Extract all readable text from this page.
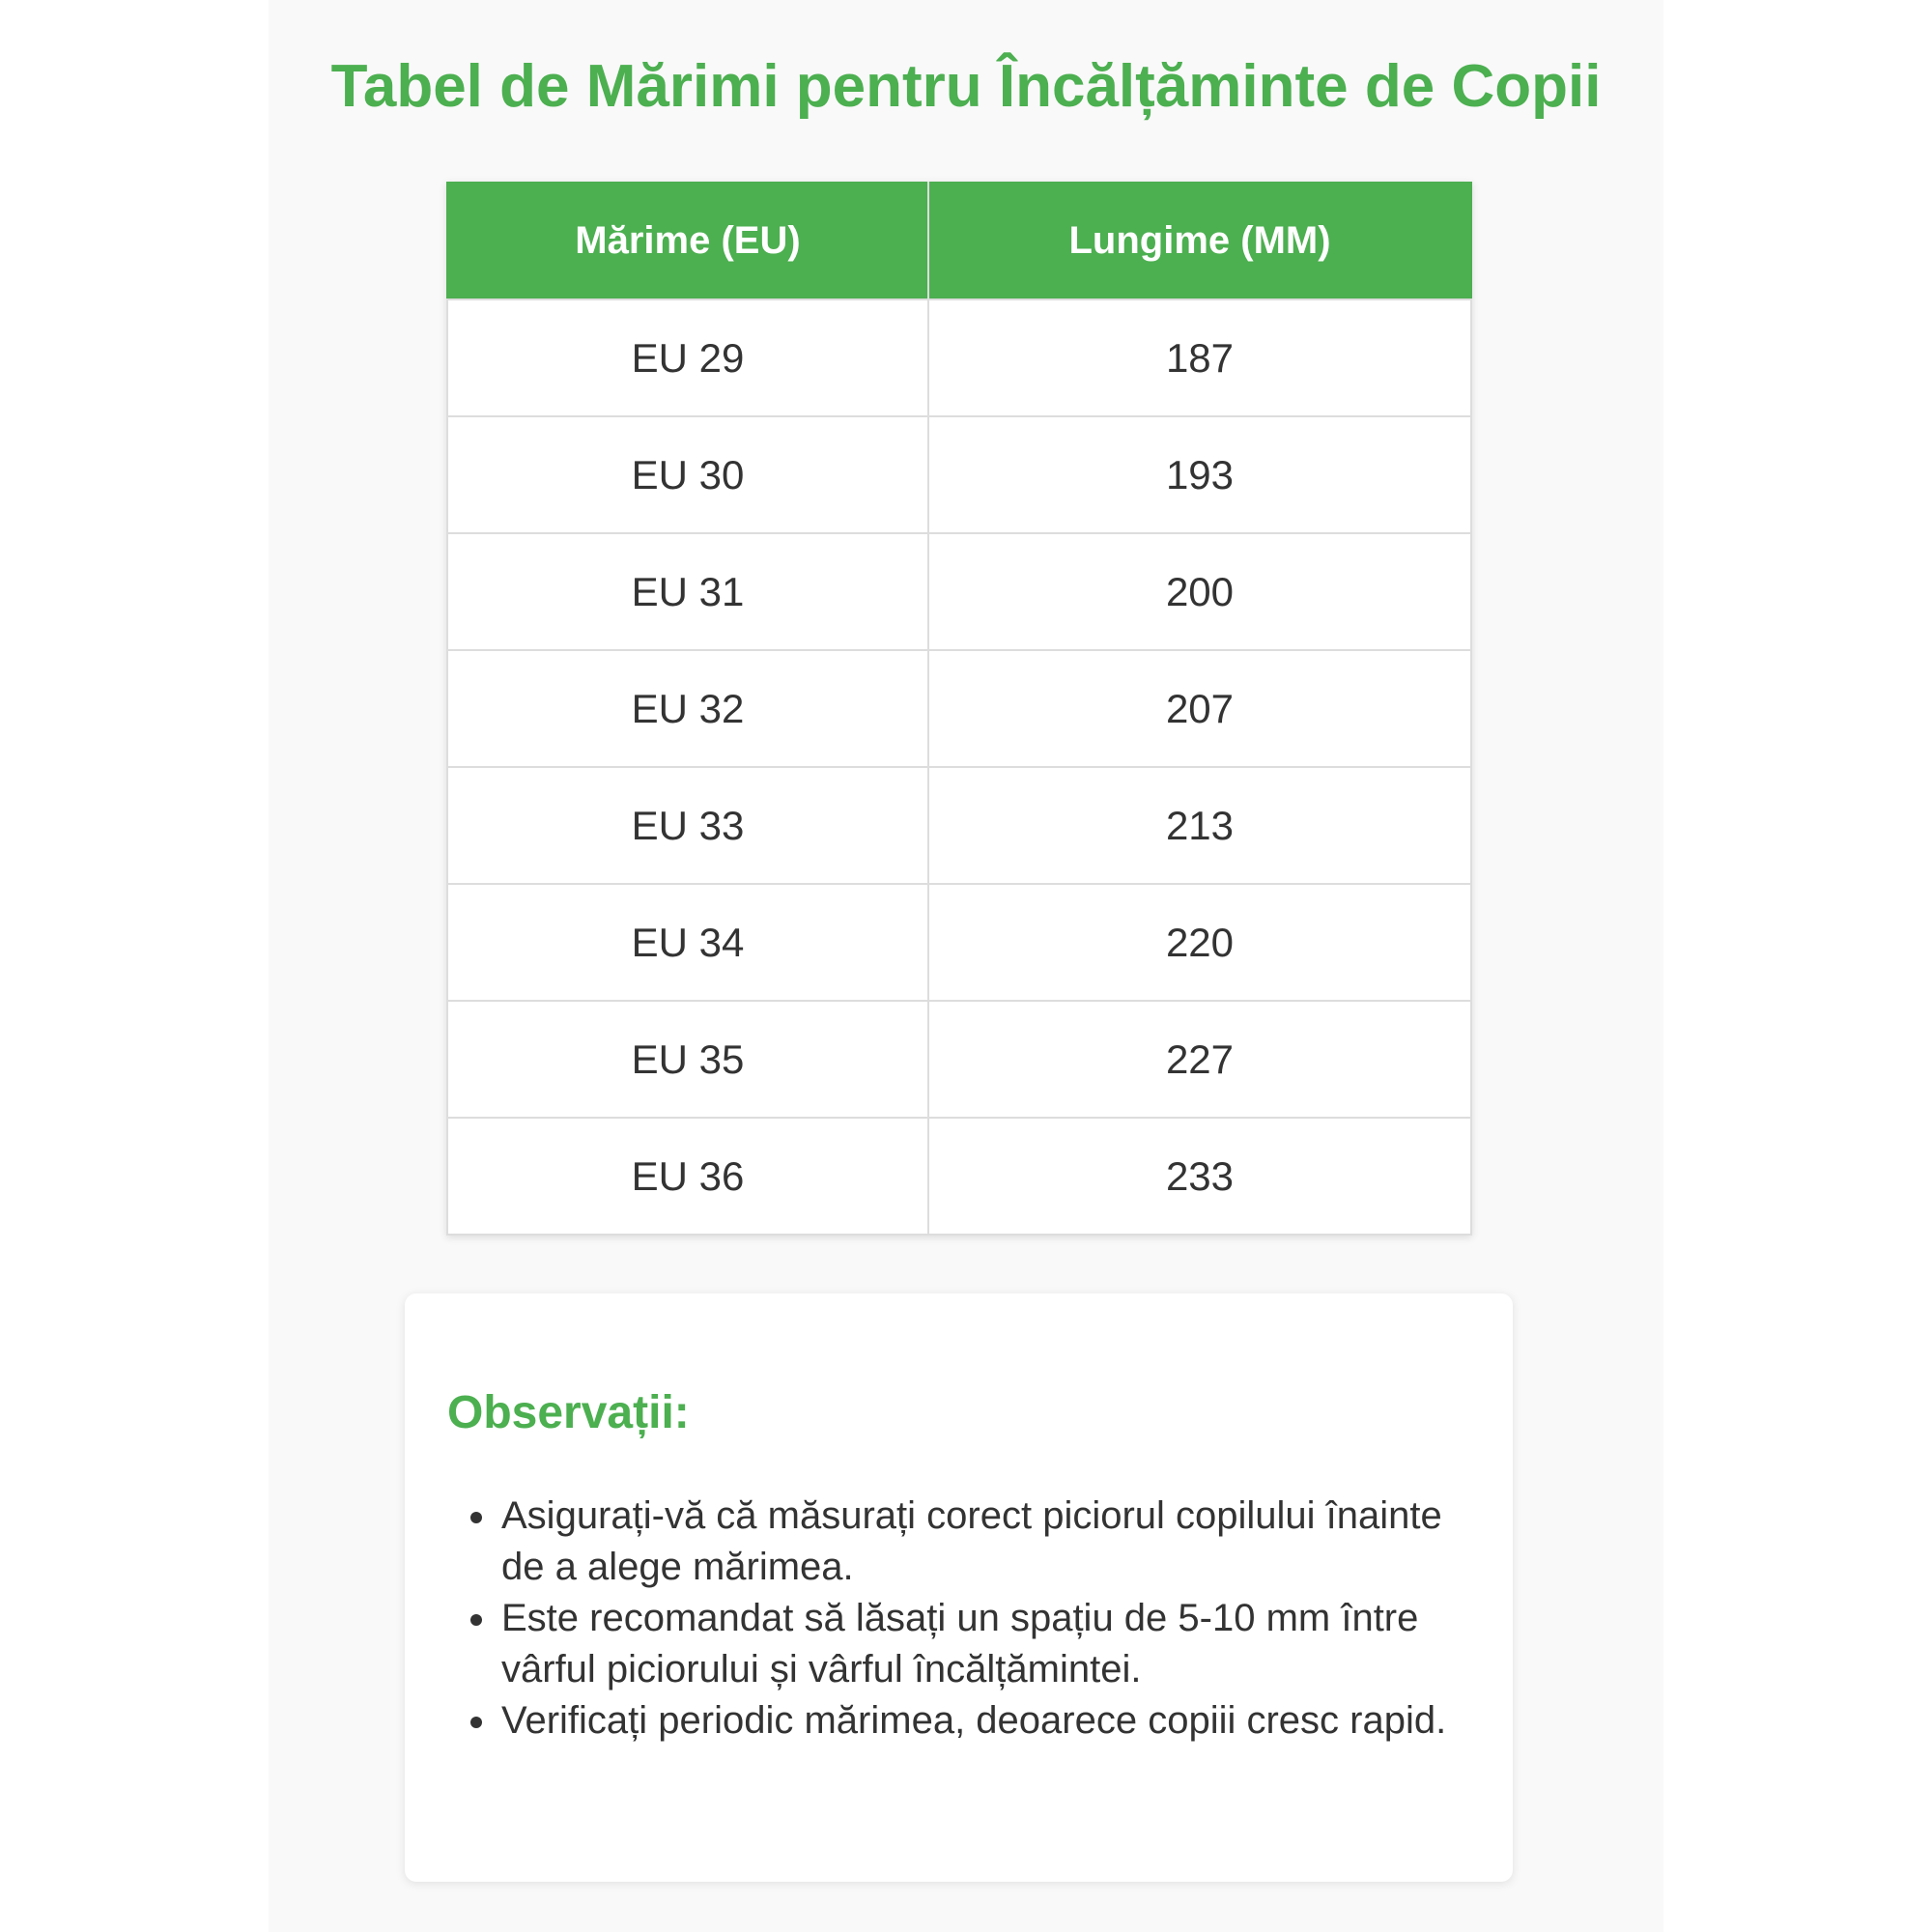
Tabel de Mărimi pentru Încălțăminte de Copii
Mărime (EU)	Lungime (MM)
EU 29	187
EU 30	193
EU 31	200
EU 32	207
EU 33	213
EU 34	220
EU 35	227
EU 36	233
Observații:
• Asigurați-vă că măsurați corect piciorul copilului înainte de a alege mărimea.
• Este recomandat să lăsați un spațiu de 5-10 mm între vârful piciorului și vârful încălțămintei.
• Verificați periodic mărimea, deoarece copiii cresc rapid.
